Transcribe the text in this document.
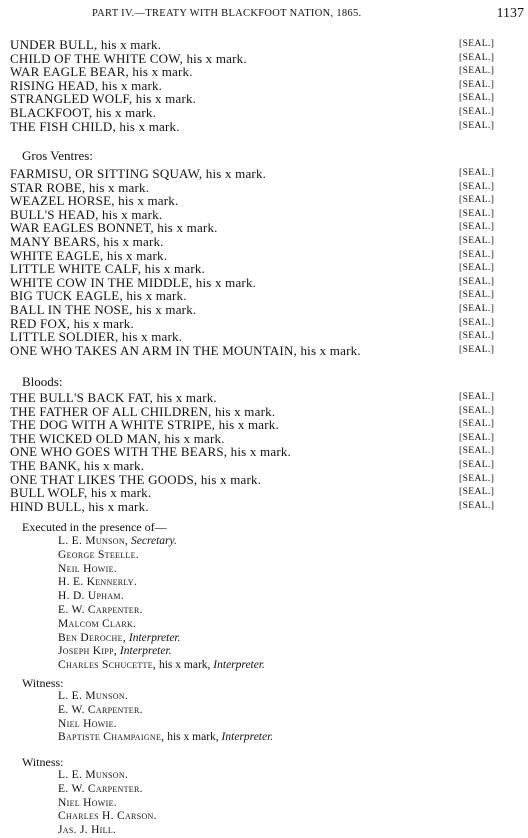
PART IV.—TREATY WITH BLACKFOOT NATION, 1865.	1137
UNDER BULL, his x mark.	[SEAL.]
CHILD OF THE WHITE COW, his x mark.	[SEAL.]
WAR EAGLE BEAR, his x mark.	[SEAL.]
RISING HEAD, his x mark.	[SEAL.]
STRANGLED WOLF, his x mark.	[SEAL.]
BLACKFOOT, his x mark.	[SEAL.]
THE FISH CHILD, his x mark.	[SEAL.]
Gros Ventres:
FARMISU, OR SITTING SQUAW, his x mark.	[SEAL.]
STAR ROBE, his x mark.	[SEAL.]
WEAZEL HORSE, his x mark.	[SEAL.]
BULL'S HEAD, his x mark.	[SEAL.]
WAR EAGLES BONNET, his x mark.	[SEAL.]
MANY BEARS, his x mark.	[SEAL.]
WHITE EAGLE, his x mark.	[SEAL.]
LITTLE WHITE CALF, his x mark.	[SEAL.]
WHITE COW IN THE MIDDLE, his x mark.	[SEAL.]
BIG TUCK EAGLE, his x mark.	[SEAL.]
BALL IN THE NOSE, his x mark.	[SEAL.]
RED FOX, his x mark.	[SEAL.]
LITTLE SOLDIER, his x mark.	[SEAL.]
ONE WHO TAKES AN ARM IN THE MOUNTAIN, his x mark.	[SEAL.]
Bloods:
THE BULL'S BACK FAT, his x mark.	[SEAL.]
THE FATHER OF ALL CHILDREN, his x mark.	[SEAL.]
THE DOG WITH A WHITE STRIPE, his x mark.	[SEAL.]
THE WICKED OLD MAN, his x mark.	[SEAL.]
ONE WHO GOES WITH THE BEARS, his x mark.	[SEAL.]
THE BANK, his x mark.	[SEAL.]
ONE THAT LIKES THE GOODS, his x mark.	[SEAL.]
BULL WOLF, his x mark.	[SEAL.]
HIND BULL, his x mark.	[SEAL.]
Executed in the presence of—
L. E. Munson, Secretary.
George Steelle.
Neil Howie.
H. E. Kennerly.
H. D. Upham.
E. W. Carpenter.
Malcom Clark.
Ben Deroche, Interpreter.
Joseph Kipp, Interpreter.
Charles Schucette, his x mark, Interpreter.
Witness:
L. E. Munson.
E. W. Carpenter.
Niel Howie.
Baptiste Champaigne, his x mark, Interpreter.
Witness:
L. E. Munson.
E. W. Carpenter.
Niel Howie.
Charles H. Carson.
Jas. J. Hill.
